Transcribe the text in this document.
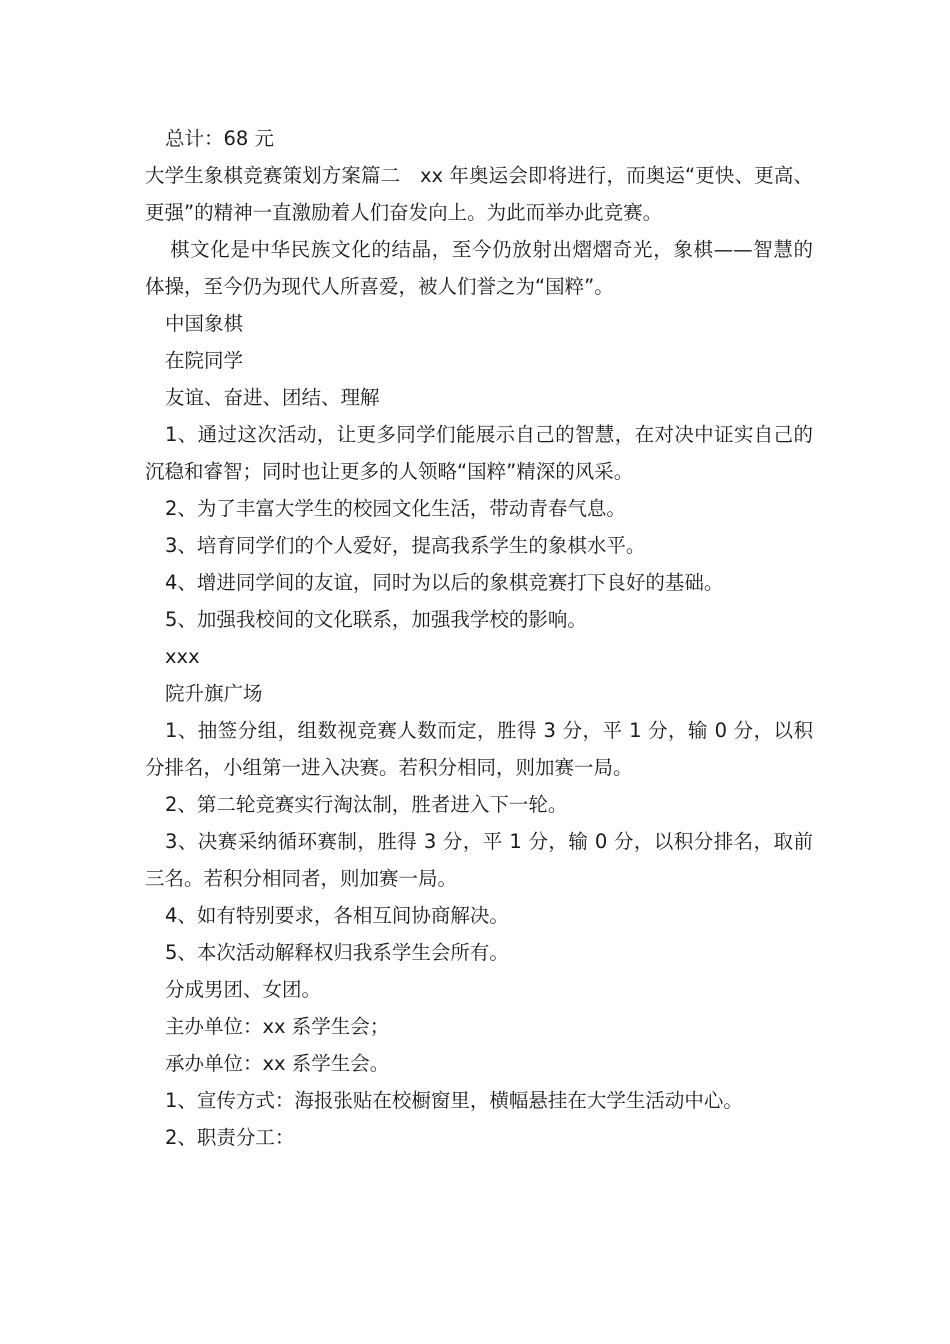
总计：68 元

大学生象棋竞赛策划方案篇二　xx 年奥运会即将进行，而奥运“更快、更高、更强”的精神一直激励着人们奋发向上。为此而举办此竞赛。

棋文化是中华民族文化的结晶，至今仍放射出熠熠奇光，象棋——智慧的体操，至今仍为现代人所喜爱，被人们誉之为“国粹”。

中国象棋

在院同学

友谊、奋进、团结、理解

1、通过这次活动，让更多同学们能展示自己的智慧，在对决中证实自己的沉稳和睿智；同时也让更多的人领略“国粹”精深的风采。

2、为了丰富大学生的校园文化生活，带动青春气息。

3、培育同学们的个人爱好，提高我系学生的象棋水平。

4、增进同学间的友谊，同时为以后的象棋竞赛打下良好的基础。

5、加强我校间的文化联系，加强我学校的影响。

xxx

院升旗广场

1、抽签分组，组数视竞赛人数而定，胜得 3 分，平 1 分，输 0 分，以积分排名，小组第一进入决赛。若积分相同，则加赛一局。

2、第二轮竞赛实行淘汰制，胜者进入下一轮。

3、决赛采纳循环赛制，胜得 3 分，平 1 分，输 0 分，以积分排名，取前三名。若积分相同者，则加赛一局。

4、如有特别要求，各相互间协商解决。

5、本次活动解释权归我系学生会所有。

分成男团、女团。

主办单位：xx 系学生会；

承办单位：xx 系学生会。

1、宣传方式：海报张贴在校橱窗里，横幅悬挂在大学生活动中心。

2、职责分工：
